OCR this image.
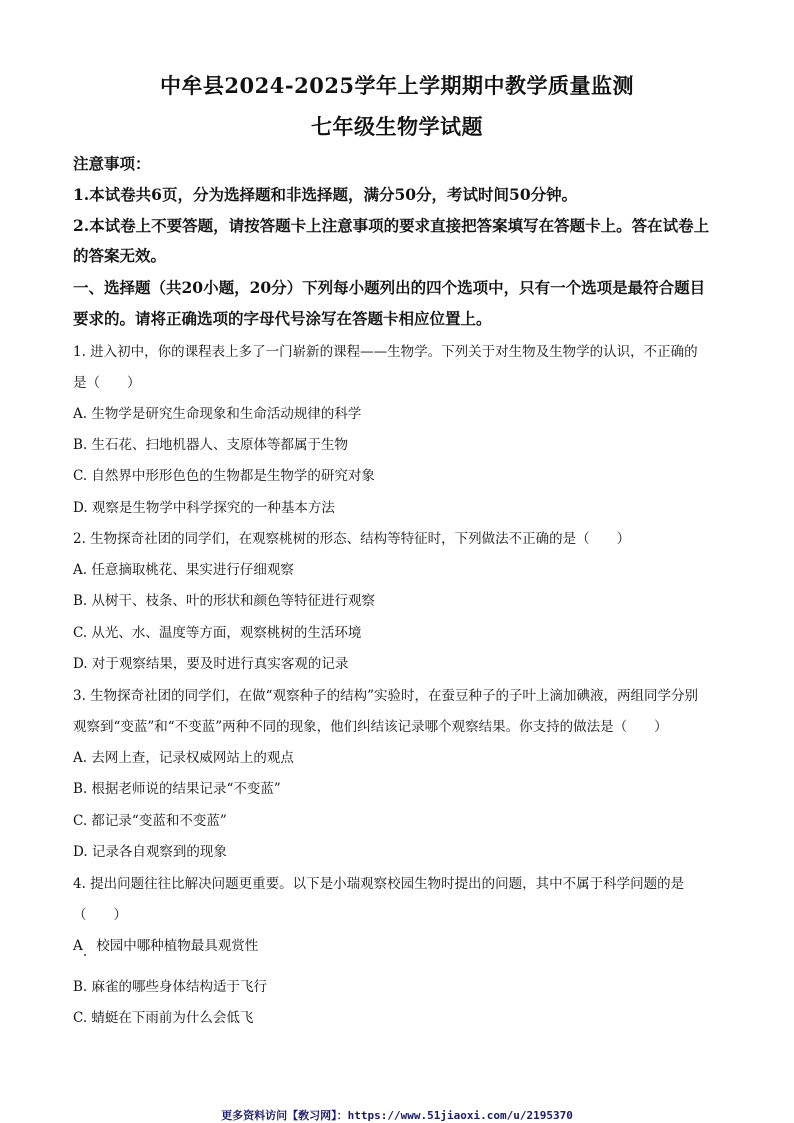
中牟县2024-2025学年上学期期中教学质量监测
七年级生物学试题
注意事项：
1.本试卷共6页，分为选择题和非选择题，满分50分，考试时间50分钟。
2.本试卷上不要答题，请按答题卡上注意事项的要求直接把答案填写在答题卡上。答在试卷上
的答案无效。
一、选择题（共20小题，20分）下列每小题列出的四个选项中，只有一个选项是最符合题目
要求的。请将正确选项的字母代号涂写在答题卡相应位置上。
1. 进入初中，你的课程表上多了一门崭新的课程——生物学。下列关于对生物及生物学的认识，不正确的
是（　　）
A. 生物学是研究生命现象和生命活动规律的科学
B. 生石花、扫地机器人、支原体等都属于生物
C. 自然界中形形色色的生物都是生物学的研究对象
D. 观察是生物学中科学探究的一种基本方法
2. 生物探奇社团的同学们，在观察桃树的形态、结构等特征时，下列做法不正确的是（　　）
A. 任意摘取桃花、果实进行仔细观察
B. 从树干、枝条、叶的形状和颜色等特征进行观察
C. 从光、水、温度等方面，观察桃树的生活环境
D. 对于观察结果，要及时进行真实客观的记录
3. 生物探奇社团的同学们，在做“观察种子的结构”实验时，在蚕豆种子的子叶上滴加碘液，两组同学分别
观察到“变蓝”和“不变蓝”两种不同的现象，他们纠结该记录哪个观察结果。你支持的做法是（　　）
A. 去网上查，记录权威网站上的观点
B. 根据老师说的结果记录“不变蓝”
C. 都记录“变蓝和不变蓝”
D. 记录各自观察到的现象
4. 提出问题往往比解决问题更重要。以下是小瑞观察校园生物时提出的问题，其中不属于科学问题的是
（　　）
A　校园中哪种植物最具观赏性
B. 麻雀的哪些身体结构适于飞行
C. 蜻蜓在下雨前为什么会低飞
更多资料访问【敎习网】：https://www.51jiaoxi.com/u/2195370
